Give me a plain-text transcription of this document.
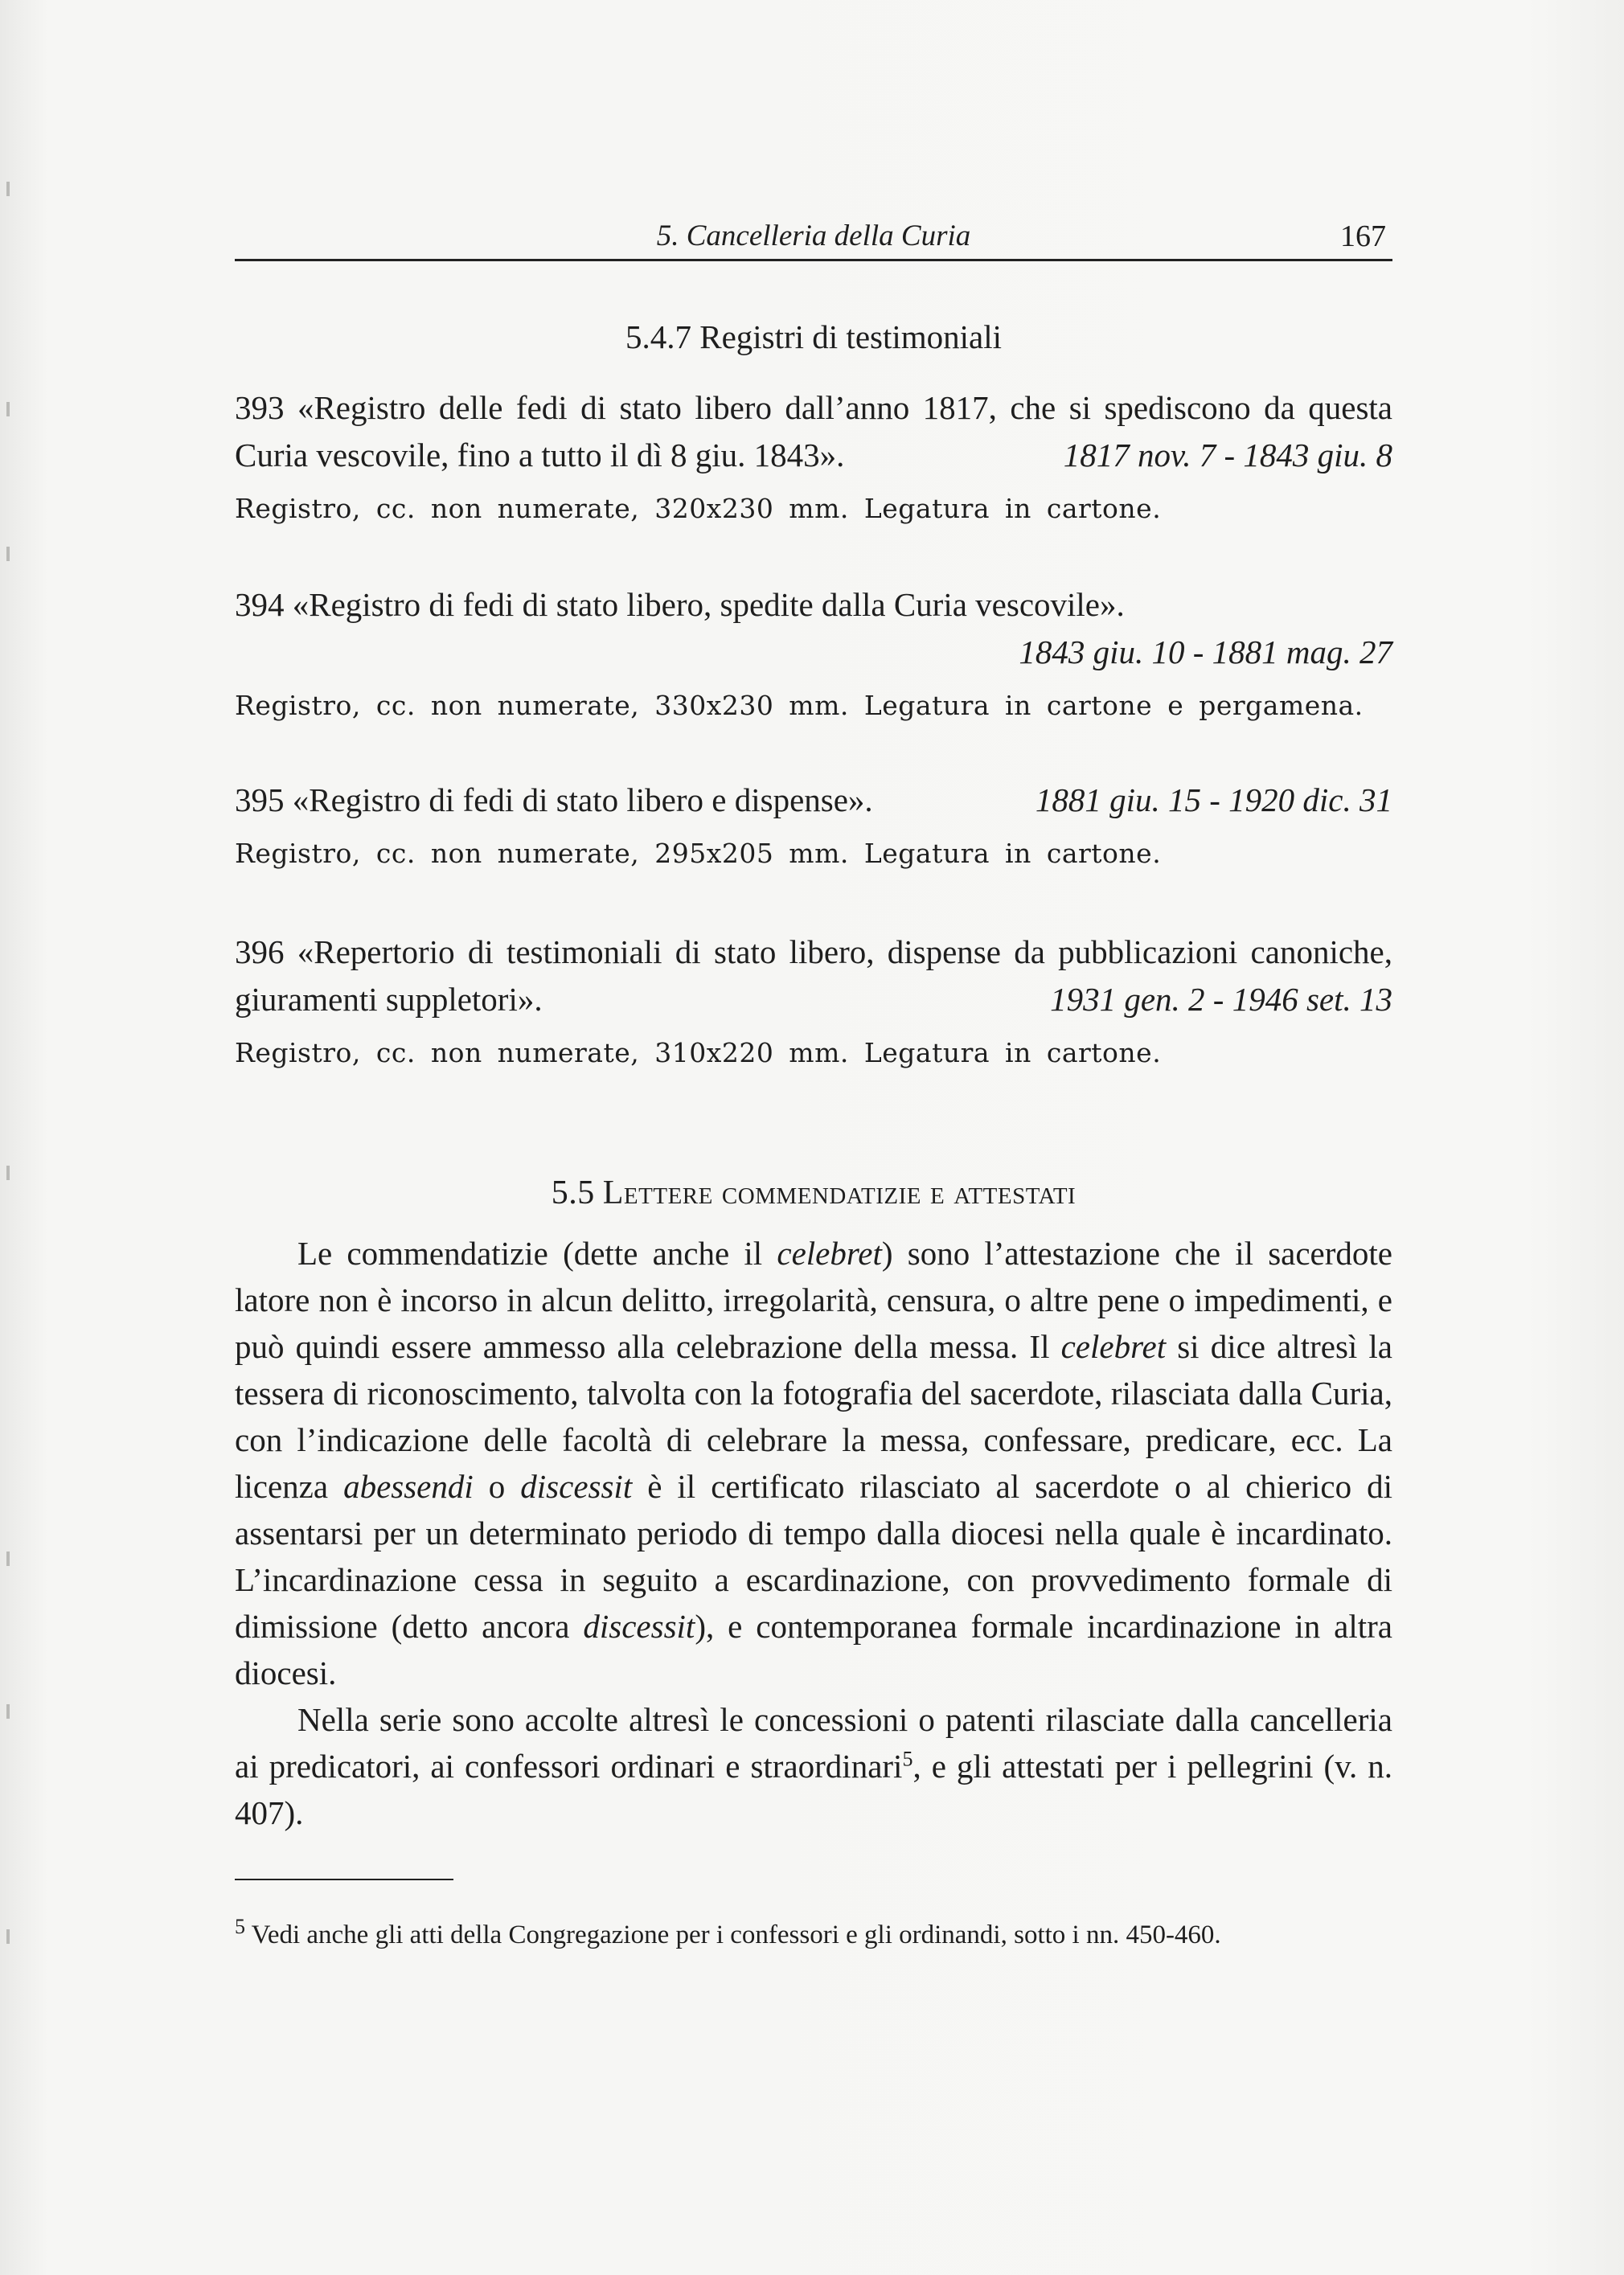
5. Cancelleria della Curia	167
5.4.7 Registri di testimoniali
393 «Registro delle fedi di stato libero dall’anno 1817, che si spediscono da questa Curia vescovile, fino a tutto il dì 8 giu. 1843».	1817 nov. 7 - 1843 giu. 8
Registro, cc. non numerate, 320x230 mm. Legatura in cartone.
394 «Registro di fedi di stato libero, spedite dalla Curia vescovile».
1843 giu. 10 - 1881 mag. 27
Registro, cc. non numerate, 330x230 mm. Legatura in cartone e pergamena.
395 «Registro di fedi di stato libero e dispense».	1881 giu. 15 - 1920 dic. 31
Registro, cc. non numerate, 295x205 mm. Legatura in cartone.
396 «Repertorio di testimoniali di stato libero, dispense da pubblicazioni canoniche, giuramenti suppletori».	1931 gen. 2 - 1946 set. 13
Registro, cc. non numerate, 310x220 mm. Legatura in cartone.
5.5 Lettere commendatizie e attestati

Le commendatizie (dette anche il celebret) sono l’attestazione che il sacerdote latore non è incorso in alcun delitto, irregolarità, censura, o altre pene o impedimenti, e può quindi essere ammesso alla celebrazione della messa. Il celebret si dice altresì la tessera di riconoscimento, talvolta con la fotografia del sacerdote, rilasciata dalla Curia, con l’indicazione delle facoltà di celebrare la messa, confessare, predicare, ecc. La licenza abessendi o discessit è il certificato rilasciato al sacerdote o al chierico di assentarsi per un determinato periodo di tempo dalla diocesi nella quale è incardinato. L’incardinazione cessa in seguito a escardinazione, con provvedimento formale di dimissione (detto ancora discessit), e contemporanea formale incardinazione in altra diocesi.

Nella serie sono accolte altresì le concessioni o patenti rilasciate dalla cancelleria ai predicatori, ai confessori ordinari e straordinari$^5$, e gli attestati per i pellegrini (v. n. 407).

$^5$ Vedi anche gli atti della Congregazione per i confessori e gli ordinandi, sotto i nn. 450-460.
